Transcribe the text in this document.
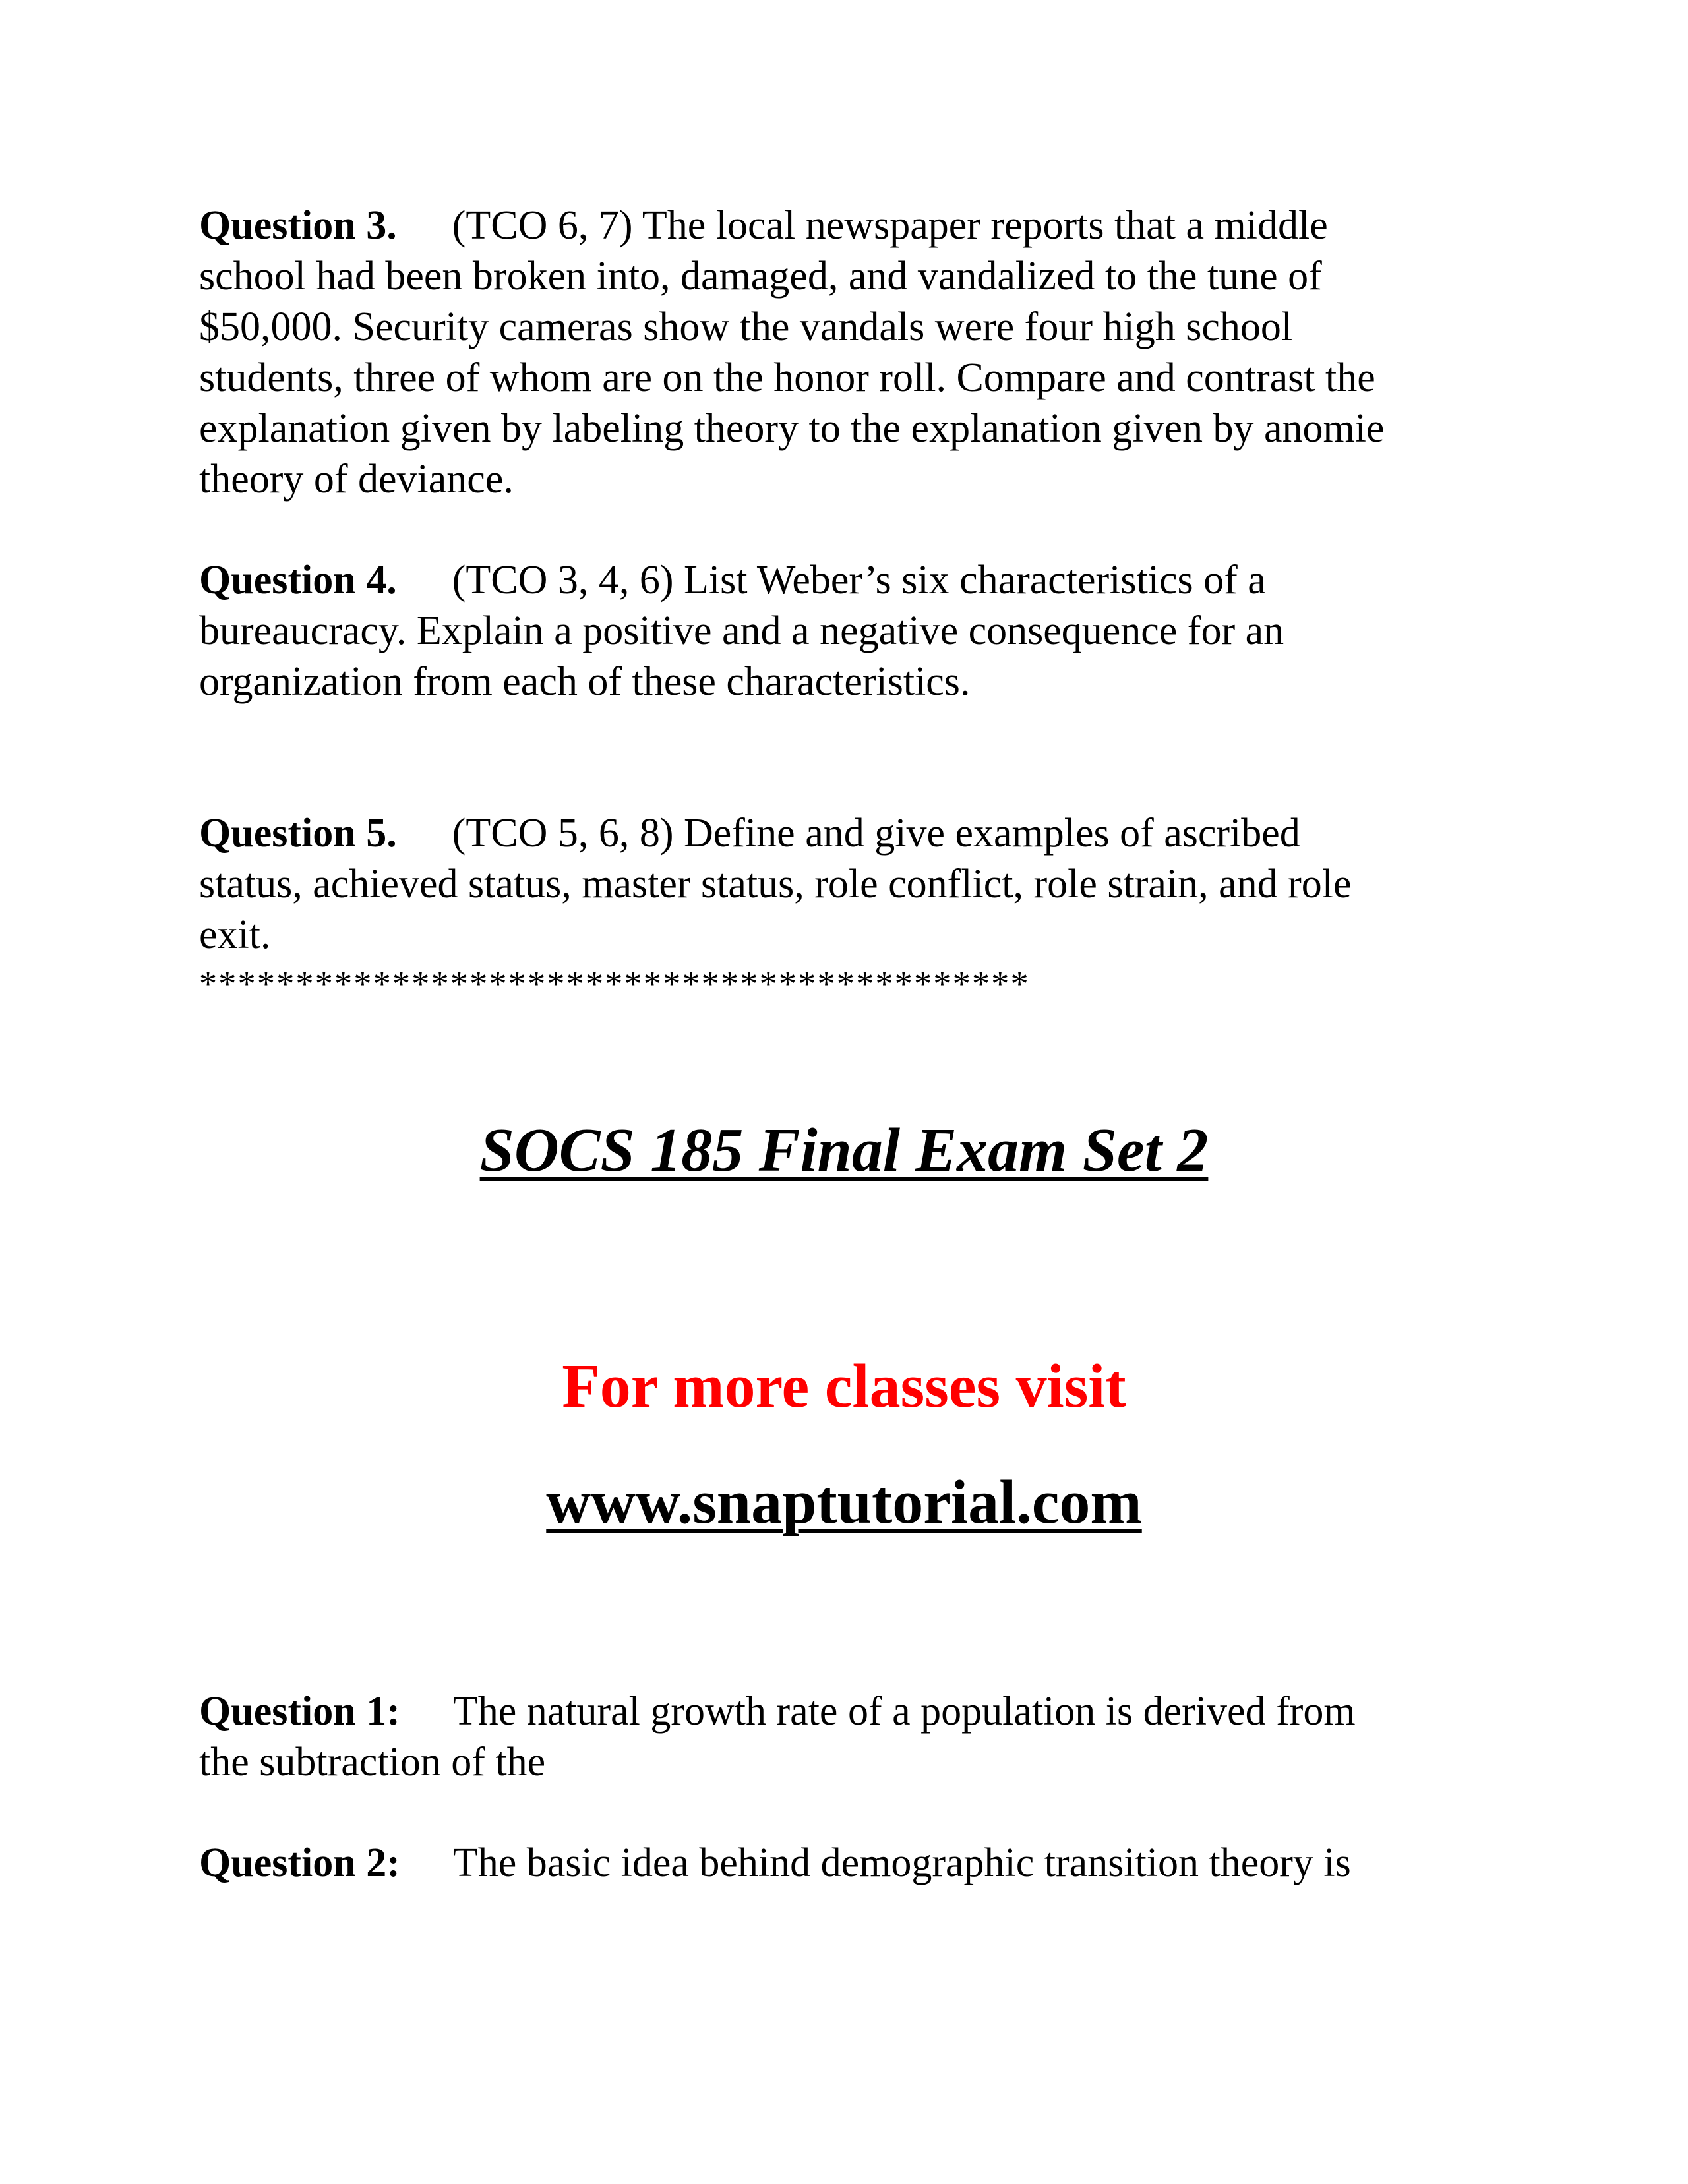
Question 3. (TCO 6, 7) The local newspaper reports that a middle
school had been broken into, damaged, and vandalized to the tune of
$50,000. Security cameras show the vandals were four high school
students, three of whom are on the honor roll. Compare and contrast the
explanation given by labeling theory to the explanation given by anomie
theory of deviance.
Question 4. (TCO 3, 4, 6) List Weber’s six characteristics of a
bureaucracy. Explain a positive and a negative consequence for an
organization from each of these characteristics.
Question 5. (TCO 5, 6, 8) Define and give examples of ascribed
status, achieved status, master status, role conflict, role strain, and role
exit.
*******************************************
SOCS 185 Final Exam Set 2
For more classes visit
www.snaptutorial.com
Question 1: The natural growth rate of a population is derived from
the subtraction of the
Question 2: The basic idea behind demographic transition theory is
